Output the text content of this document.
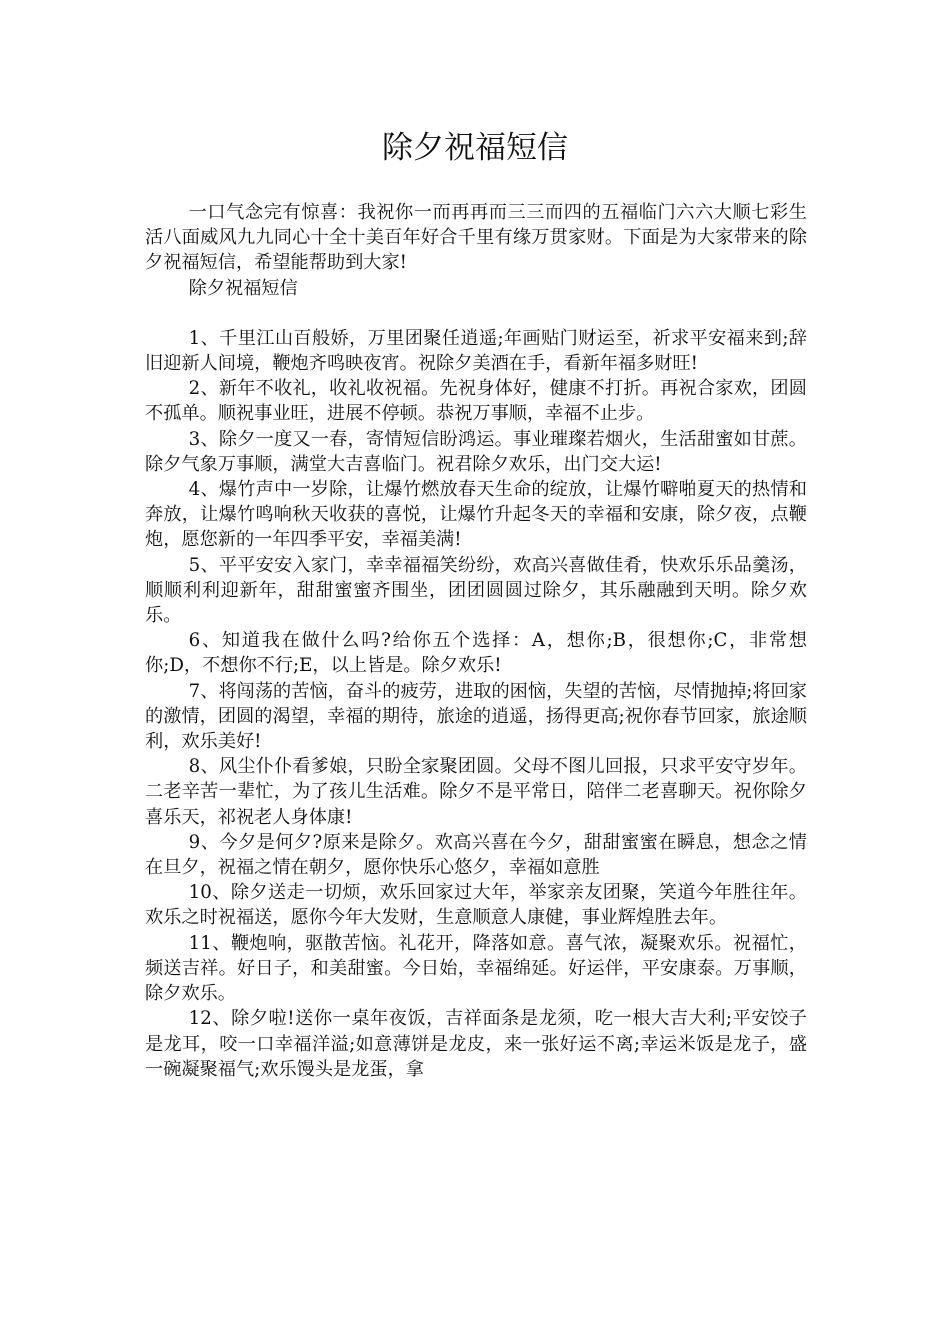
除夕祝福短信

一口气念完有惊喜：我祝你一而再再而三三而四的五福临门六六大顺七彩生活八面威风九九同心十全十美百年好合千里有缘万贯家财。下面是为大家带来的除夕祝福短信，希望能帮助到大家!

除夕祝福短信

1、千里江山百般娇，万里团聚任逍遥;年画贴门财运至，祈求平安福来到;辞旧迎新人间境，鞭炮齐鸣映夜宵。祝除夕美酒在手，看新年福多财旺!

2、新年不收礼，收礼收祝福。先祝身体好，健康不打折。再祝合家欢，团圆不孤单。顺祝事业旺，进展不停顿。恭祝万事顺，幸福不止步。

3、除夕一度又一春，寄情短信盼鸿运。事业璀璨若烟火，生活甜蜜如甘蔗。除夕气象万事顺，满堂大吉喜临门。祝君除夕欢乐，出门交大运!

4、爆竹声中一岁除，让爆竹燃放春天生命的绽放，让爆竹噼啪夏天的热情和奔放，让爆竹鸣响秋天收获的喜悦，让爆竹升起冬天的幸福和安康，除夕夜，点鞭炮，愿您新的一年四季平安，幸福美满!

5、平平安安入家门，幸幸福福笑纷纷，欢高兴喜做佳肴，快欢乐乐品羹汤，顺顺利利迎新年，甜甜蜜蜜齐围坐，团团圆圆过除夕，其乐融融到天明。除夕欢乐。

6、知道我在做什么吗?给你五个选择：A，想你;B，很想你;C，非常想你;D，不想你不行;E，以上皆是。除夕欢乐!

7、将闯荡的苦恼，奋斗的疲劳，进取的困恼，失望的苦恼，尽情抛掉;将回家的激情，团圆的渴望，幸福的期待，旅途的逍遥，扬得更高;祝你春节回家，旅途顺利，欢乐美好!

8、风尘仆仆看爹娘，只盼全家聚团圆。父母不图儿回报，只求平安守岁年。二老辛苦一辈忙，为了孩儿生活难。除夕不是平常日，陪伴二老喜聊天。祝你除夕喜乐天，祁祝老人身体康!

9、今夕是何夕?原来是除夕。欢高兴喜在今夕，甜甜蜜蜜在瞬息，想念之情在旦夕，祝福之情在朝夕，愿你快乐心悠夕，幸福如意胜

10、除夕送走一切烦，欢乐回家过大年，举家亲友团聚，笑道今年胜往年。欢乐之时祝福送，愿你今年大发财，生意顺意人康健，事业辉煌胜去年。

11、鞭炮响，驱散苦恼。礼花开，降落如意。喜气浓，凝聚欢乐。祝福忙，频送吉祥。好日子，和美甜蜜。今日始，幸福绵延。好运伴，平安康泰。万事顺，除夕欢乐。

12、除夕啦!送你一桌年夜饭，吉祥面条是龙须，吃一根大吉大利;平安饺子是龙耳，咬一口幸福洋溢;如意薄饼是龙皮，来一张好运不离;幸运米饭是龙子，盛一碗凝聚福气;欢乐馒头是龙蛋，拿
